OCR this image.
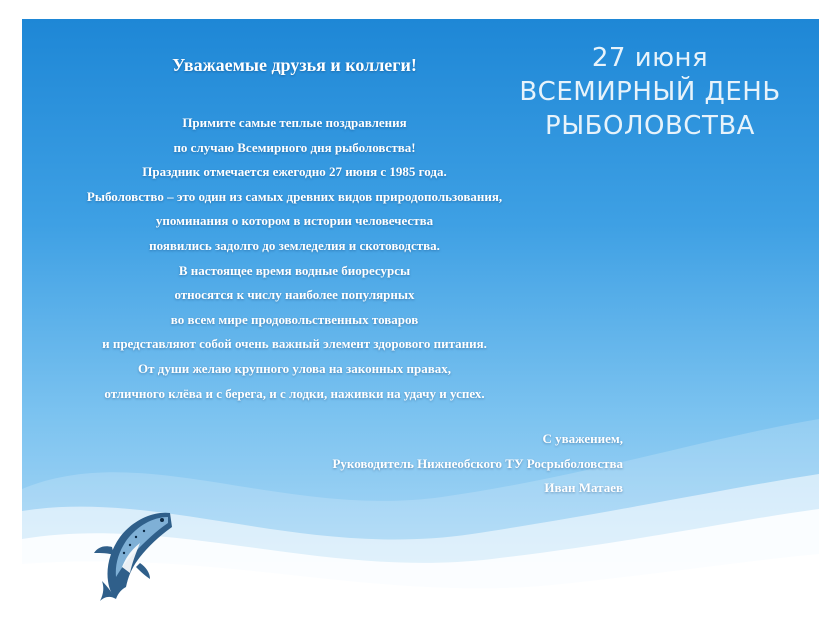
Уважаемые друзья и коллеги!
Примите самые теплые поздравления
по случаю Всемирного дня рыболовства!
Праздник отмечается ежегодно 27 июня с 1985 года.
Рыболовство – это один из самых древних видов природопользования,
упоминания о котором в истории человечества
появились задолго до земледелия и скотоводства.
В настоящее время водные биоресурсы
относятся к числу наиболее популярных
во всем мире продовольственных товаров
и представляют собой очень важный элемент здорового питания.
От души желаю крупного улова на законных правах,
отличного клёва и с берега, и с лодки, наживки на удачу и успех.
27 июня
ВСЕМИРНЫЙ ДЕНЬ
РЫБОЛОВСТВА
С уважением,
Руководитель Нижнеобского ТУ Росрыболовства
Иван Матаев
